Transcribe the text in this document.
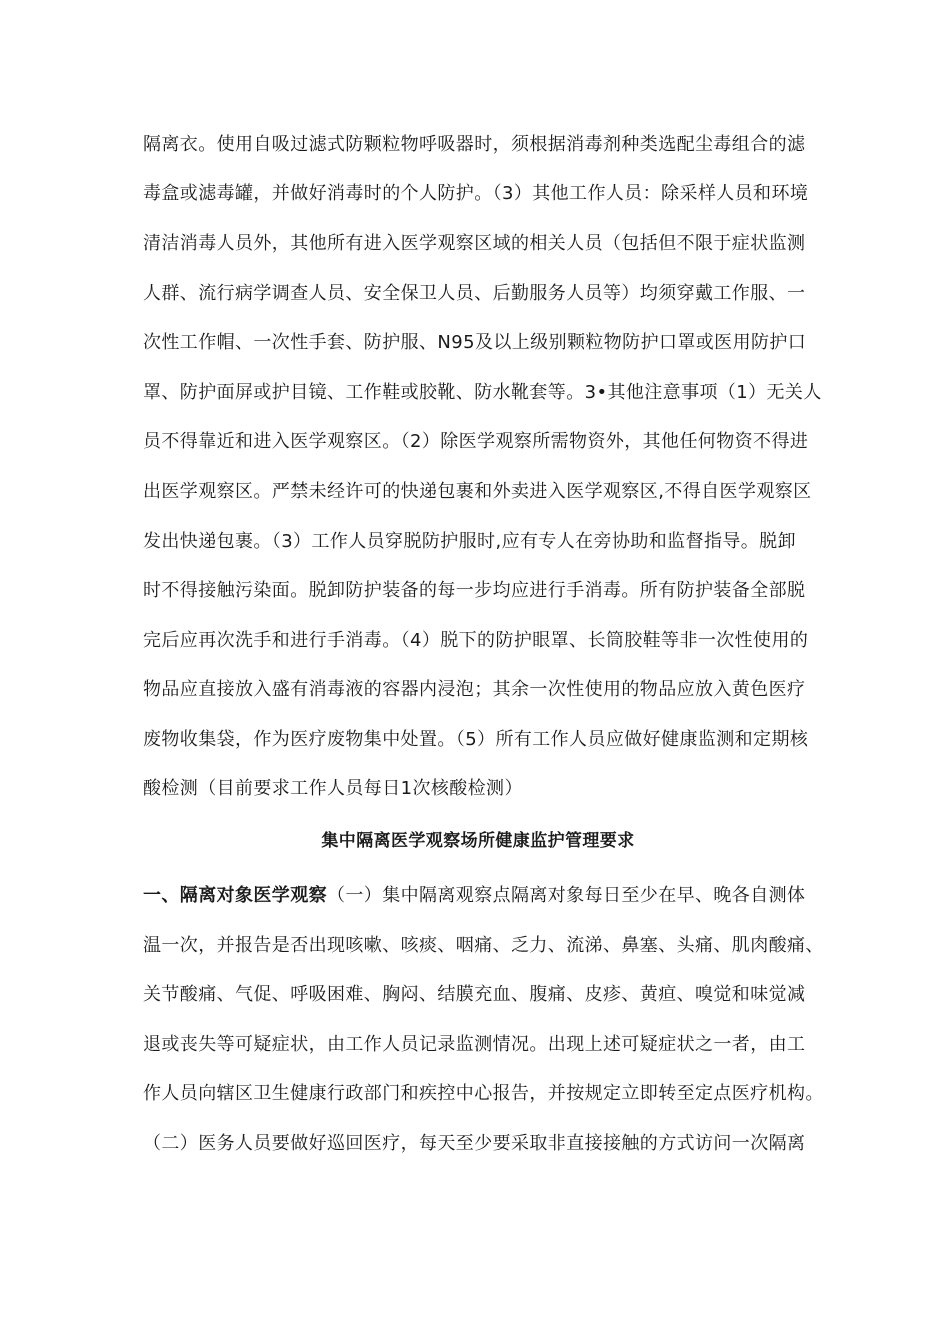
隔离衣。使用自吸过滤式防颗粒物呼吸器时，须根据消毒剂种类选配尘毒组合的滤
毒盒或滤毒罐，并做好消毒时的个人防护。（3）其他工作人员：除采样人员和环境
清洁消毒人员外，其他所有进入医学观察区域的相关人员（包括但不限于症状监测
人群、流行病学调查人员、安全保卫人员、后勤服务人员等）均须穿戴工作服、一
次性工作帽、一次性手套、防护服、N95及以上级别颗粒物防护口罩或医用防护口
罩、防护面屏或护目镜、工作鞋或胶靴、防水靴套等。3•其他注意事项（1）无关人
员不得靠近和进入医学观察区。（2）除医学观察所需物资外，其他任何物资不得进
出医学观察区。严禁未经许可的快递包裹和外卖进入医学观察区,不得自医学观察区
发出快递包裹。（3）工作人员穿脱防护服时,应有专人在旁协助和监督指导。脱卸
时不得接触污染面。脱卸防护装备的每一步均应进行手消毒。所有防护装备全部脱
完后应再次洗手和进行手消毒。（4）脱下的防护眼罩、长筒胶鞋等非一次性使用的
物品应直接放入盛有消毒液的容器内浸泡；其余一次性使用的物品应放入黄色医疗
废物收集袋，作为医疗废物集中处置。（5）所有工作人员应做好健康监测和定期核
酸检测（目前要求工作人员每日1次核酸检测）
集中隔离医学观察场所健康监护管理要求
一、隔离对象医学观察（一）集中隔离观察点隔离对象每日至少在早、晚各自测体
温一次，并报告是否出现咳嗽、咳痰、咽痛、乏力、流涕、鼻塞、头痛、肌肉酸痛、
关节酸痛、气促、呼吸困难、胸闷、结膜充血、腹痛、皮疹、黄疸、嗅觉和味觉减
退或丧失等可疑症状，由工作人员记录监测情况。出现上述可疑症状之一者，由工
作人员向辖区卫生健康行政部门和疾控中心报告，并按规定立即转至定点医疗机构。
（二）医务人员要做好巡回医疗，每天至少要采取非直接接触的方式访问一次隔离
